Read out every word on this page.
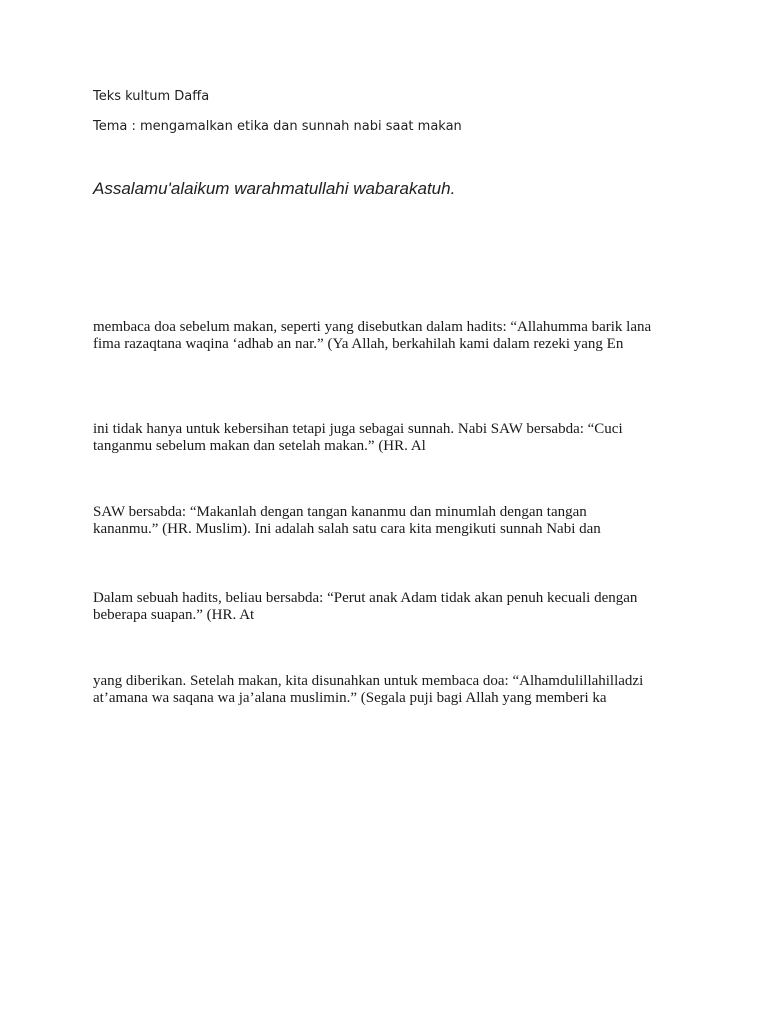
Teks kultum Daffa
Tema : mengamalkan etika dan sunnah nabi saat makan
Assalamu'alaikum warahmatullahi wabarakatuh.
membaca doa sebelum makan, seperti yang disebutkan dalam hadits: “Allahumma barik lana
fima razaqtana waqina ‘adhab an nar.” (Ya Allah, berkahilah kami dalam rezeki yang En
ini tidak hanya untuk kebersihan tetapi juga sebagai sunnah. Nabi SAW bersabda: “Cuci
tanganmu sebelum makan dan setelah makan.” (HR. Al
SAW bersabda: “Makanlah dengan tangan kananmu dan minumlah dengan tangan
kananmu.” (HR. Muslim). Ini adalah salah satu cara kita mengikuti sunnah Nabi dan
Dalam sebuah hadits, beliau bersabda: “Perut anak Adam tidak akan penuh kecuali dengan
beberapa suapan.” (HR. At
yang diberikan. Setelah makan, kita disunahkan untuk membaca doa: “Alhamdulillahilladzi
at’amana wa saqana wa ja’alana muslimin.” (Segala puji bagi Allah yang memberi ka
